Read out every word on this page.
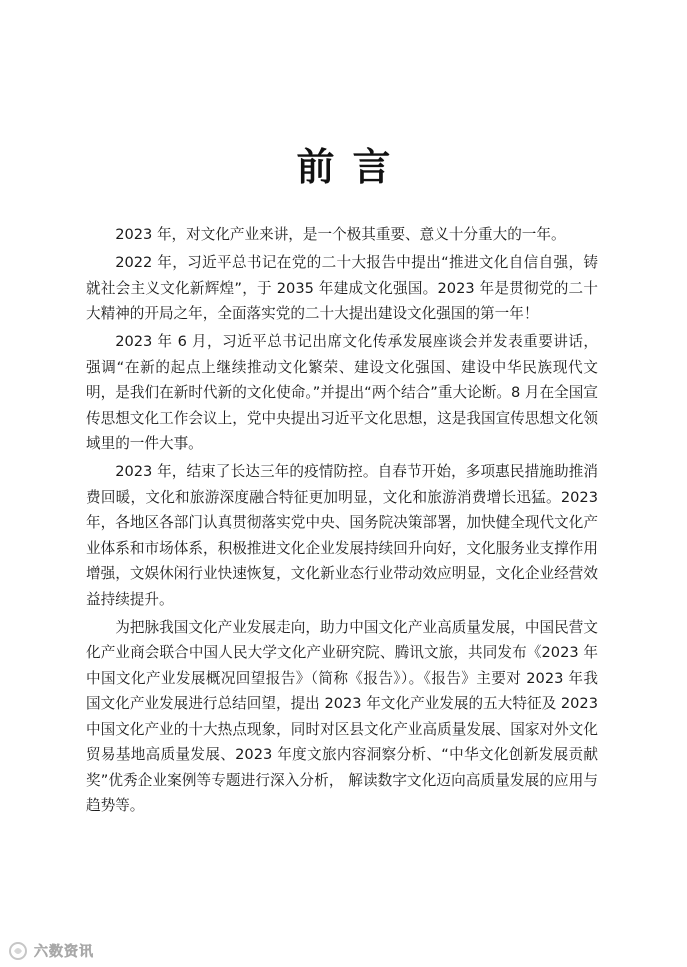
前言

2023 年，对文化产业来讲，是一个极其重要、意义十分重大的一年。

2022 年，习近平总书记在党的二十大报告中提出“推进文化自信自强，铸就社会主义文化新辉煌”，于 2035 年建成文化强国。2023 年是贯彻党的二十大精神的开局之年，全面落实党的二十大提出建设文化强国的第一年！

2023 年 6 月，习近平总书记出席文化传承发展座谈会并发表重要讲话，强调“在新的起点上继续推动文化繁荣、建设文化强国、建设中华民族现代文明，是我们在新时代新的文化使命。”并提出“两个结合”重大论断。8 月在全国宣传思想文化工作会议上，党中央提出习近平文化思想，这是我国宣传思想文化领域里的一件大事。

2023 年，结束了长达三年的疫情防控。自春节开始，多项惠民措施助推消费回暖，文化和旅游深度融合特征更加明显，文化和旅游消费增长迅猛。2023 年，各地区各部门认真贯彻落实党中央、国务院决策部署，加快健全现代文化产业体系和市场体系，积极推进文化企业发展持续回升向好，文化服务业支撑作用增强，文娱休闲行业快速恢复，文化新业态行业带动效应明显，文化企业经营效益持续提升。

为把脉我国文化产业发展走向，助力中国文化产业高质量发展，中国民营文化产业商会联合中国人民大学文化产业研究院、腾讯文旅，共同发布《2023 年中国文化产业发展概况回望报告》（简称《报告》）。《报告》主要对 2023 年我国文化产业发展进行总结回望，提出 2023 年文化产业发展的五大特征及 2023 中国文化产业的十大热点现象，同时对区县文化产业高质量发展、国家对外文化贸易基地高质量发展、2023 年度文旅内容洞察分析、“中华文化创新发展贡献奖”优秀企业案例等专题进行深入分析， 解读数字文化迈向高质量发展的应用与趋势等。

六数资讯
